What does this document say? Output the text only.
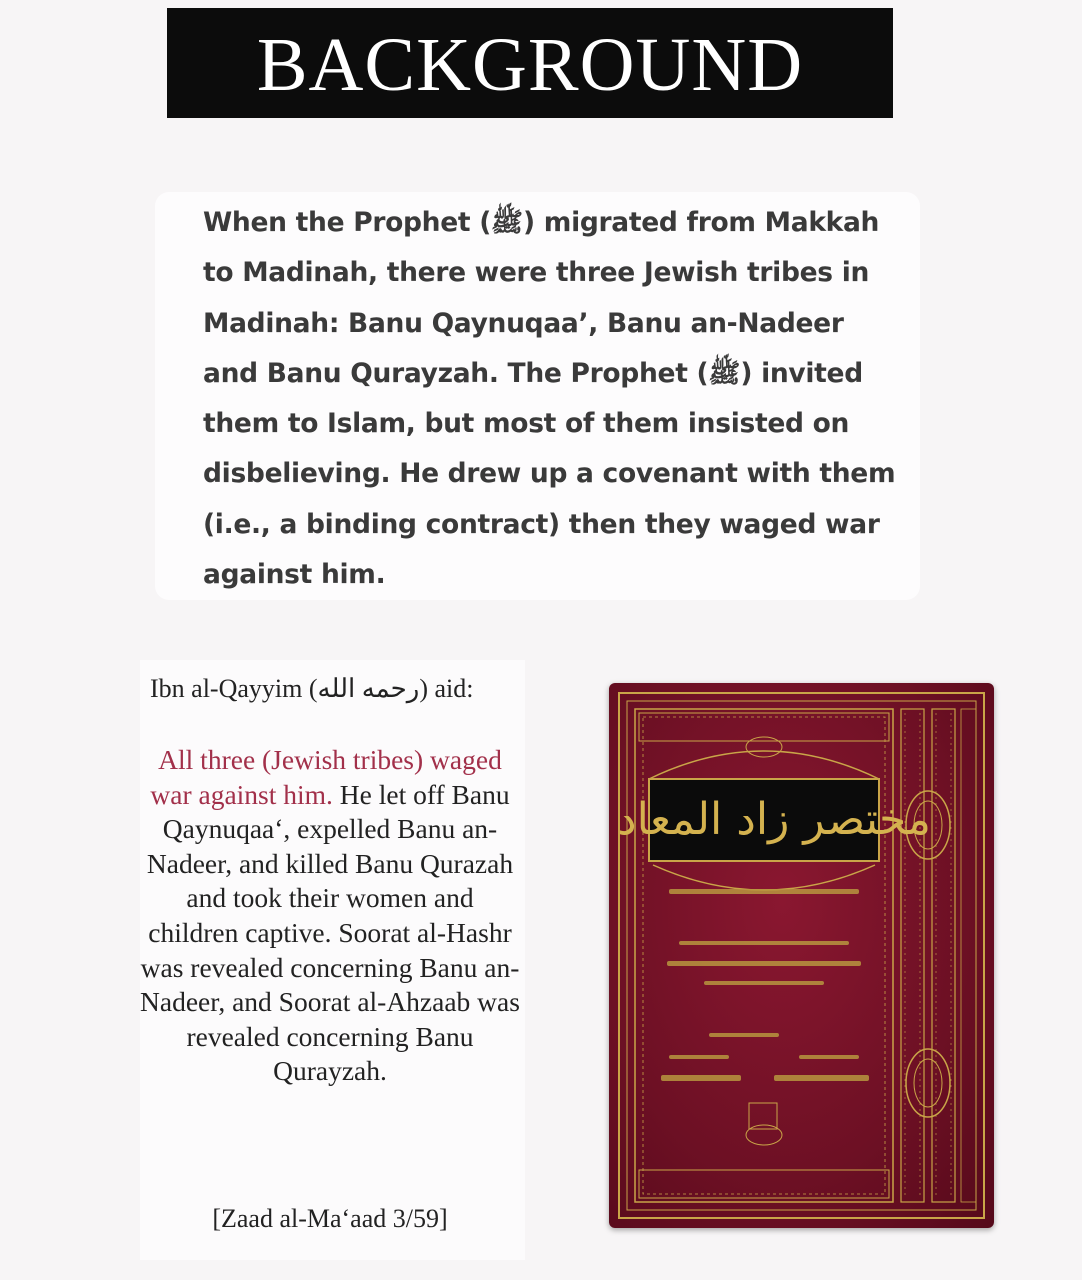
BACKGROUND

When the Prophet (ﷺ) migrated from Makkah to Madinah, there were three Jewish tribes in Madinah: Banu Qaynuqaa’, Banu an-Nadeer and Banu Qurayzah. The Prophet (ﷺ) invited them to Islam, but most of them insisted on disbelieving. He drew up a covenant with them (i.e., a binding contract) then they waged war against him.

Ibn al-Qayyim (رحمه الله) aid:

All three (Jewish tribes) waged war against him. He let off Banu Qaynuqaa‘, expelled Banu an-Nadeer, and killed Banu Qurazah and took their women and children captive. Soorat al-Hashr was revealed concerning Banu an-Nadeer, and Soorat al-Ahzaab was revealed concerning Banu Qurayzah.

[Zaad al-Ma‘aad 3/59]

مختصر زاد المعاد
